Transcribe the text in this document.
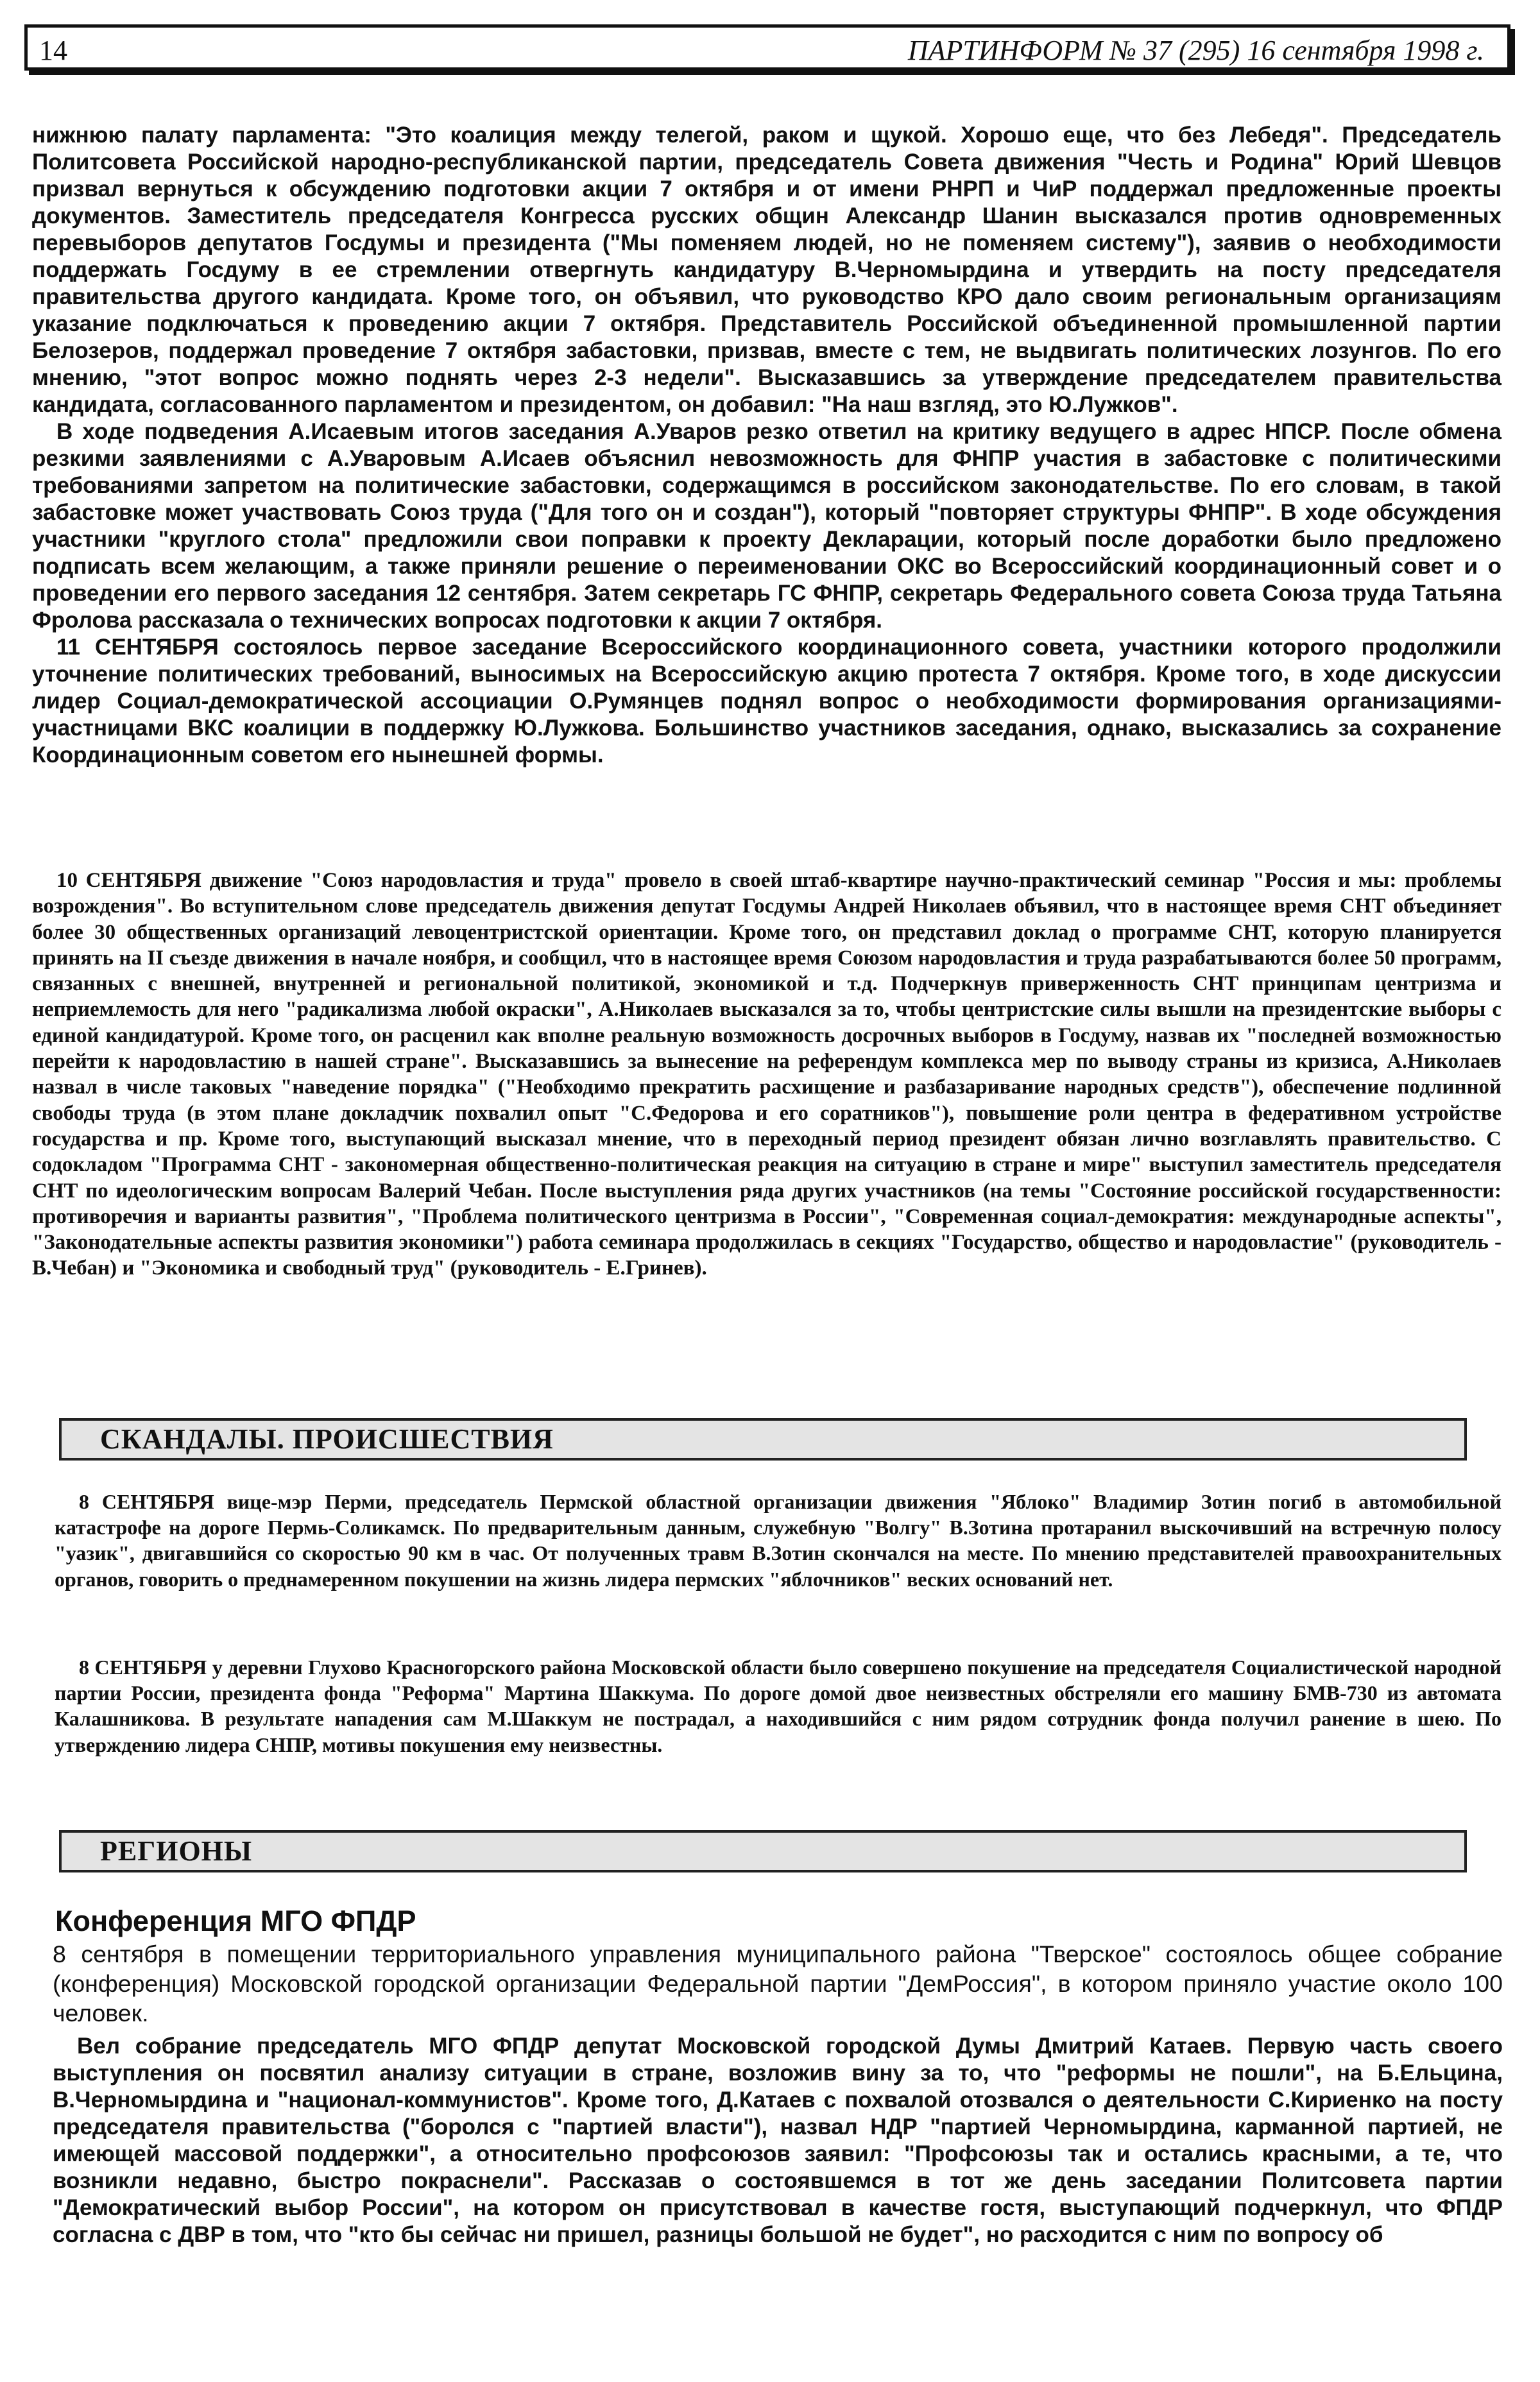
14	ПАРТИНФОРМ № 37 (295) 16 сентября 1998 г.

нижнюю палату парламента: "Это коалиция между телегой, раком и щукой. Хорошо еще, что без Лебедя". Председатель Политсовета Российской народно-республиканской партии, председатель Совета движения "Честь и Родина" Юрий Шевцов призвал вернуться к обсуждению подготовки акции 7 октября и от имени РНРП и ЧиР поддержал предложенные проекты документов. Заместитель председателя Конгресса русских общин Александр Шанин высказался против одновременных перевыборов депутатов Госдумы и президента ("Мы поменяем людей, но не поменяем систему"), заявив о необходимости поддержать Госдуму в ее стремлении отвергнуть кандидатуру В.Черномырдина и утвердить на посту председателя правительства другого кандидата. Кроме того, он объявил, что руководство КРО дало своим региональным организациям указание подключаться к проведению акции 7 октября. Представитель Российской объединенной промышленной партии Белозеров, поддержал проведение 7 октября забастовки, призвав, вместе с тем, не выдвигать политических лозунгов. По его мнению, "этот вопрос можно поднять через 2-3 недели". Высказавшись за утверждение председателем правительства кандидата, согласованного парламентом и президентом, он добавил: "На наш взгляд, это Ю.Лужков".

В ходе подведения А.Исаевым итогов заседания А.Уваров резко ответил на критику ведущего в адрес НПСР. После обмена резкими заявлениями с А.Уваровым А.Исаев объяснил невозможность для ФНПР участия в забастовке с политическими требованиями запретом на политические забастовки, содержащимся в российском законодательстве. По его словам, в такой забастовке может участвовать Союз труда ("Для того он и создан"), который "повторяет структуры ФНПР". В ходе обсуждения участники "круглого стола" предложили свои поправки к проекту Декларации, который после доработки было предложено подписать всем желающим, а также приняли решение о переименовании ОКС во Всероссийский координационный совет и о проведении его первого заседания 12 сентября. Затем секретарь ГС ФНПР, секретарь Федерального совета Союза труда Татьяна Фролова рассказала о технических вопросах подготовки к акции 7 октября.

11 СЕНТЯБРЯ состоялось первое заседание Всероссийского координационного совета, участники которого продолжили уточнение политических требований, выносимых на Всероссийскую акцию протеста 7 октября. Кроме того, в ходе дискуссии лидер Социал-демократической ассоциации О.Румянцев поднял вопрос о необходимости формирования организациями-участницами ВКС коалиции в поддержку Ю.Лужкова. Большинство участников заседания, однако, высказались за сохранение Координационным советом его нынешней формы.

10 СЕНТЯБРЯ движение "Союз народовластия и труда" провело в своей штаб-квартире научно-практический семинар "Россия и мы: проблемы возрождения". Во вступительном слове председатель движения депутат Госдумы Андрей Николаев объявил, что в настоящее время СНТ объединяет более 30 общественных организаций левоцентристской ориентации. Кроме того, он представил доклад о программе СНТ, которую планируется принять на II съезде движения в начале ноября, и сообщил, что в настоящее время Союзом народовластия и труда разрабатываются более 50 программ, связанных с внешней, внутренней и региональной политикой, экономикой и т.д. Подчеркнув приверженность СНТ принципам центризма и неприемлемость для него "радикализма любой окраски", А.Николаев высказался за то, чтобы центристские силы вышли на президентские выборы с единой кандидатурой. Кроме того, он расценил как вполне реальную возможность досрочных выборов в Госдуму, назвав их "последней возможностью перейти к народовластию в нашей стране". Высказавшись за вынесение на референдум комплекса мер по выводу страны из кризиса, А.Николаев назвал в числе таковых "наведение порядка" ("Необходимо прекратить расхищение и разбазаривание народных средств"), обеспечение подлинной свободы труда (в этом плане докладчик похвалил опыт "С.Федорова и его соратников"), повышение роли центра в федеративном устройстве государства и пр. Кроме того, выступающий высказал мнение, что в переходный период президент обязан лично возглавлять правительство. С содокладом "Программа СНТ - закономерная общественно-политическая реакция на ситуацию в стране и мире" выступил заместитель председателя СНТ по идеологическим вопросам Валерий Чебан. После выступления ряда других участников (на темы "Состояние российской государственности: противоречия и варианты развития", "Проблема политического центризма в России", "Современная социал-демократия: международные аспекты", "Законодательные аспекты развития экономики") работа семинара продолжилась в секциях "Государство, общество и народовластие" (руководитель - В.Чебан) и "Экономика и свободный труд" (руководитель - Е.Гринев).

СКАНДАЛЫ. ПРОИСШЕСТВИЯ

8 СЕНТЯБРЯ вице-мэр Перми, председатель Пермской областной организации движения "Яблоко" Владимир Зотин погиб в автомобильной катастрофе на дороге Пермь-Соликамск. По предварительным данным, служебную "Волгу" В.Зотина протаранил выскочивший на встречную полосу "уазик", двигавшийся со скоростью 90 км в час. От полученных травм В.Зотин скончался на месте. По мнению представителей правоохранительных органов, говорить о преднамеренном покушении на жизнь лидера пермских "яблочников" веских оснований нет.

8 СЕНТЯБРЯ у деревни Глухово Красногорского района Московской области было совершено покушение на председателя Социалистической народной партии России, президента фонда "Реформа" Мартина Шаккума. По дороге домой двое неизвестных обстреляли его машину БМВ-730 из автомата Калашникова. В результате нападения сам М.Шаккум не пострадал, а находившийся с ним рядом сотрудник фонда получил ранение в шею. По утверждению лидера СНПР, мотивы покушения ему неизвестны.

РЕГИОНЫ
Конференция МГО ФПДР

8 сентября в помещении территориального управления муниципального района "Тверское" состоялось общее собрание (конференция) Московской городской организации Федеральной партии "ДемРоссия", в котором приняло участие около 100 человек.

Вел собрание председатель МГО ФПДР депутат Московской городской Думы Дмитрий Катаев. Первую часть своего выступления он посвятил анализу ситуации в стране, возложив вину за то, что "реформы не пошли", на Б.Ельцина, В.Черномырдина и "национал-коммунистов". Кроме того, Д.Катаев с похвалой отозвался о деятельности С.Кириенко на посту председателя правительства ("боролся с "партией власти"), назвал НДР "партией Черномырдина, карманной партией, не имеющей массовой поддержки", а относительно профсоюзов заявил: "Профсоюзы так и остались красными, а те, что возникли недавно, быстро покраснели". Рассказав о состоявшемся в тот же день заседании Политсовета партии "Демократический выбор России", на котором он присутствовал в качестве гостя, выступающий подчеркнул, что ФПДР согласна с ДВР в том, что "кто бы сейчас ни пришел, разницы большой не будет", но расходится с ним по вопросу об
